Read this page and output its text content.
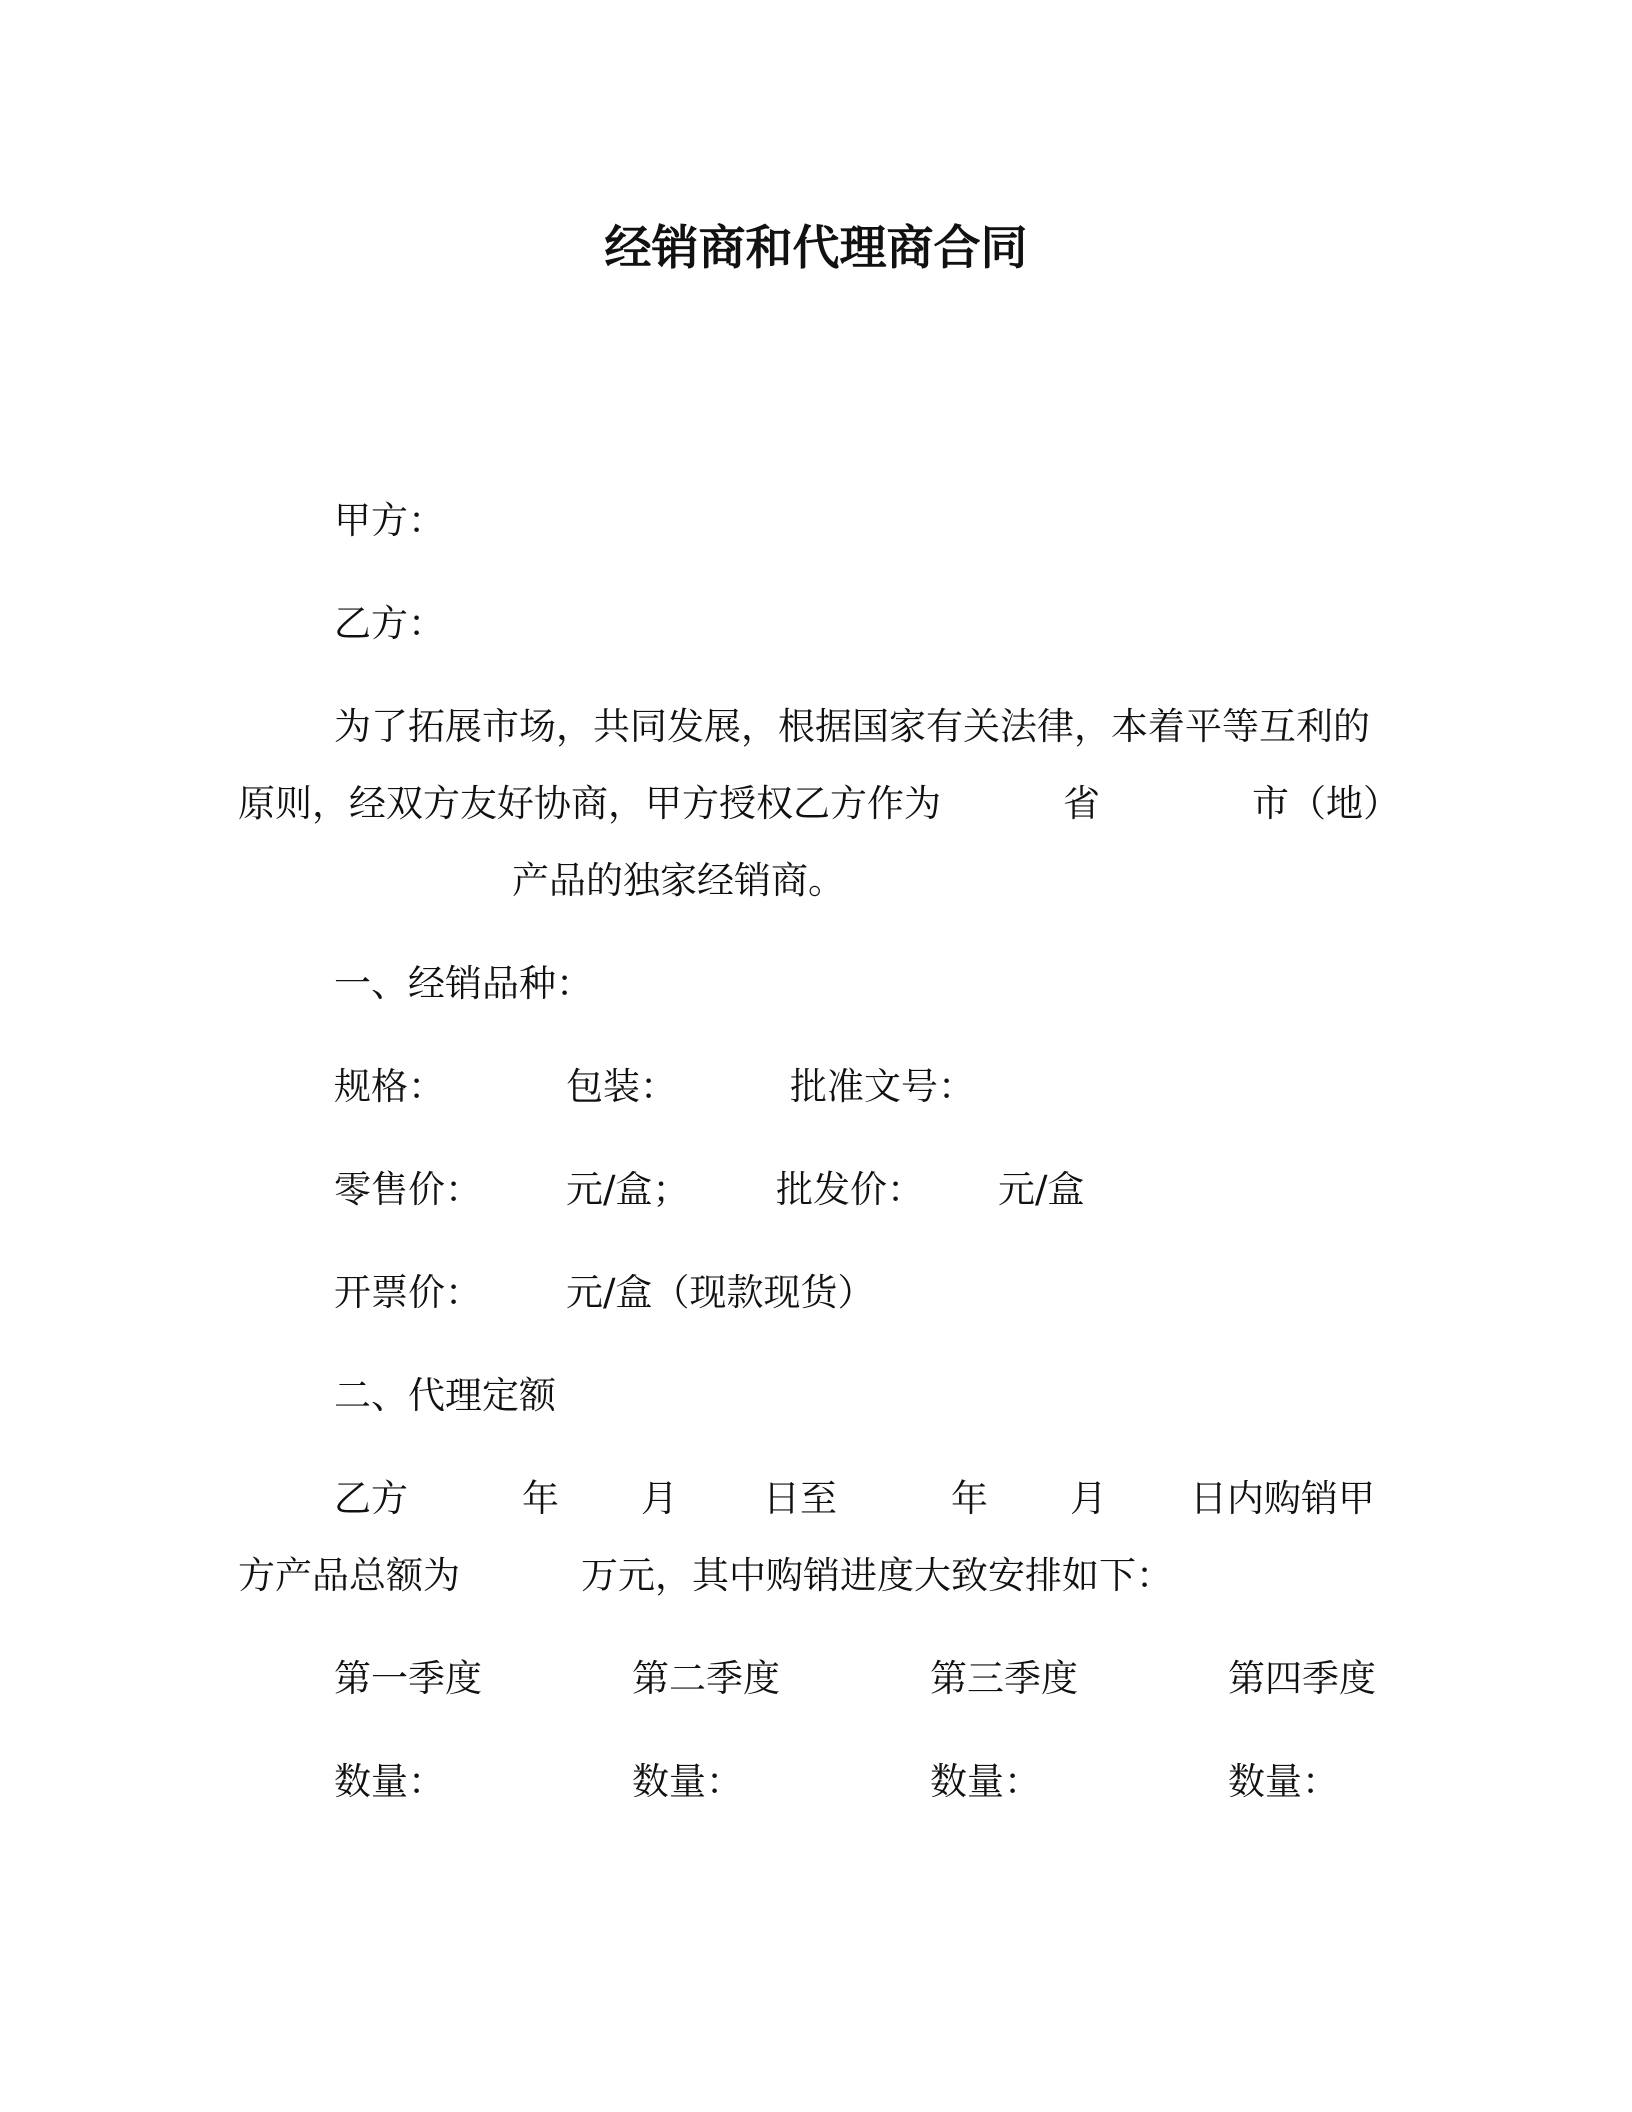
经销商和代理商合同
甲方：
乙方：
为了拓展市场，共同发展，根据国家有关法律，本着平等互利的
原则，经双方友好协商，甲方授权乙方作为	省	市（地）
产品的独家经销商。
一、经销品种：
规格：	包装：	批准文号：
零售价： 元/盒； 批发价： 元/盒
开票价： 元/盒（现款现货）
二、代理定额
乙方	年 月 日至	年 月 日内购销甲
方产品总额为	万元，其中购销进度大致安排如下：
第一季度	第二季度	第三季度	第四季度
数量：	数量：	数量：	数量：
